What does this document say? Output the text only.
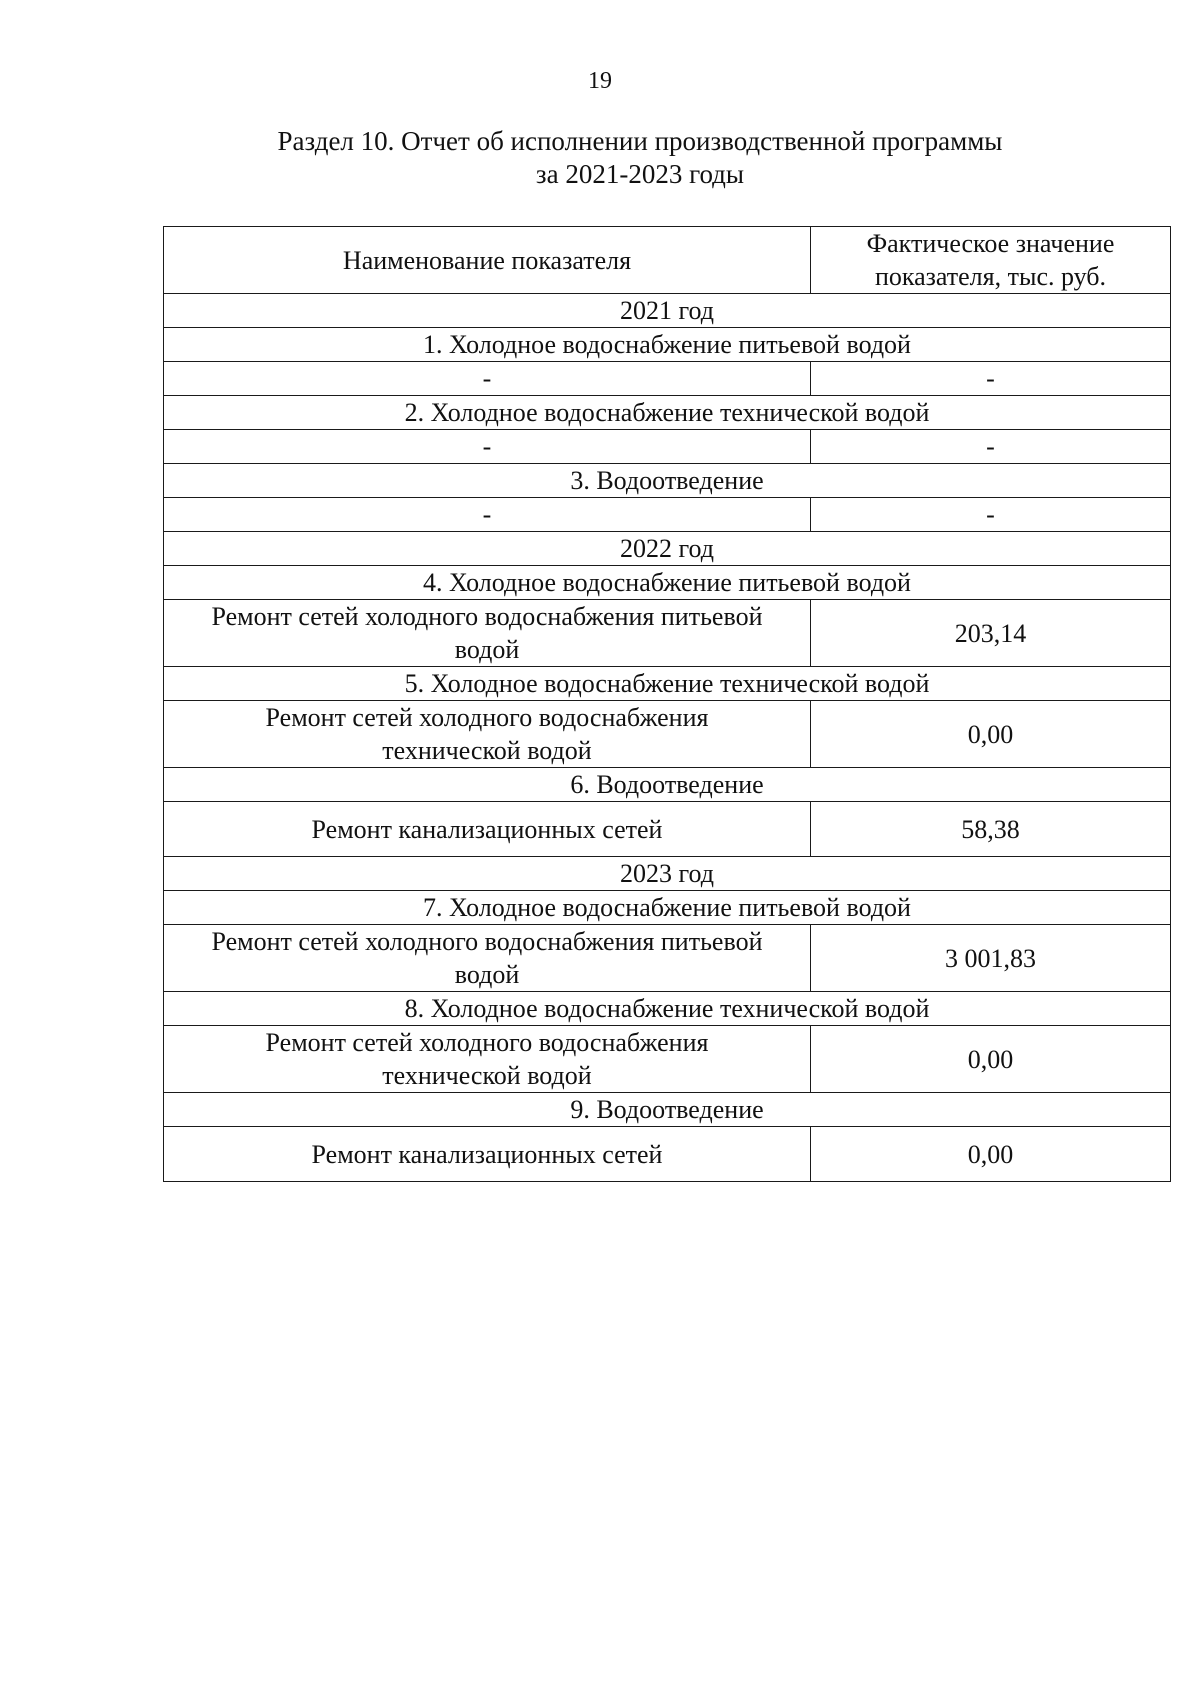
19
Раздел 10. Отчет об исполнении производственной программы
за 2021-2023 годы
Наименование показателя	Фактическое значение
показателя, тыс. руб.

2021 год	
1. Холодное водоснабжение питьевой водой	
-	-
2. Холодное водоснабжение технической водой	
-	-
3. Водоотведение	
-	-
2022 год	
4. Холодное водоснабжение питьевой водой	

Ремонт сетей холодного водоснабжения питьевой
водой	203,14
5. Холодное водоснабжение технической водой	

Ремонт сетей холодного водоснабжения
технической водой	0,00
6. Водоотведение	
Ремонт канализационных сетей	58,38
2023 год	
7. Холодное водоснабжение питьевой водой	

Ремонт сетей холодного водоснабжения питьевой
водой	3 001,83
8. Холодное водоснабжение технической водой	

Ремонт сетей холодного водоснабжения
технической водой	0,00
9. Водоотведение	
Ремонт канализационных сетей	0,00
